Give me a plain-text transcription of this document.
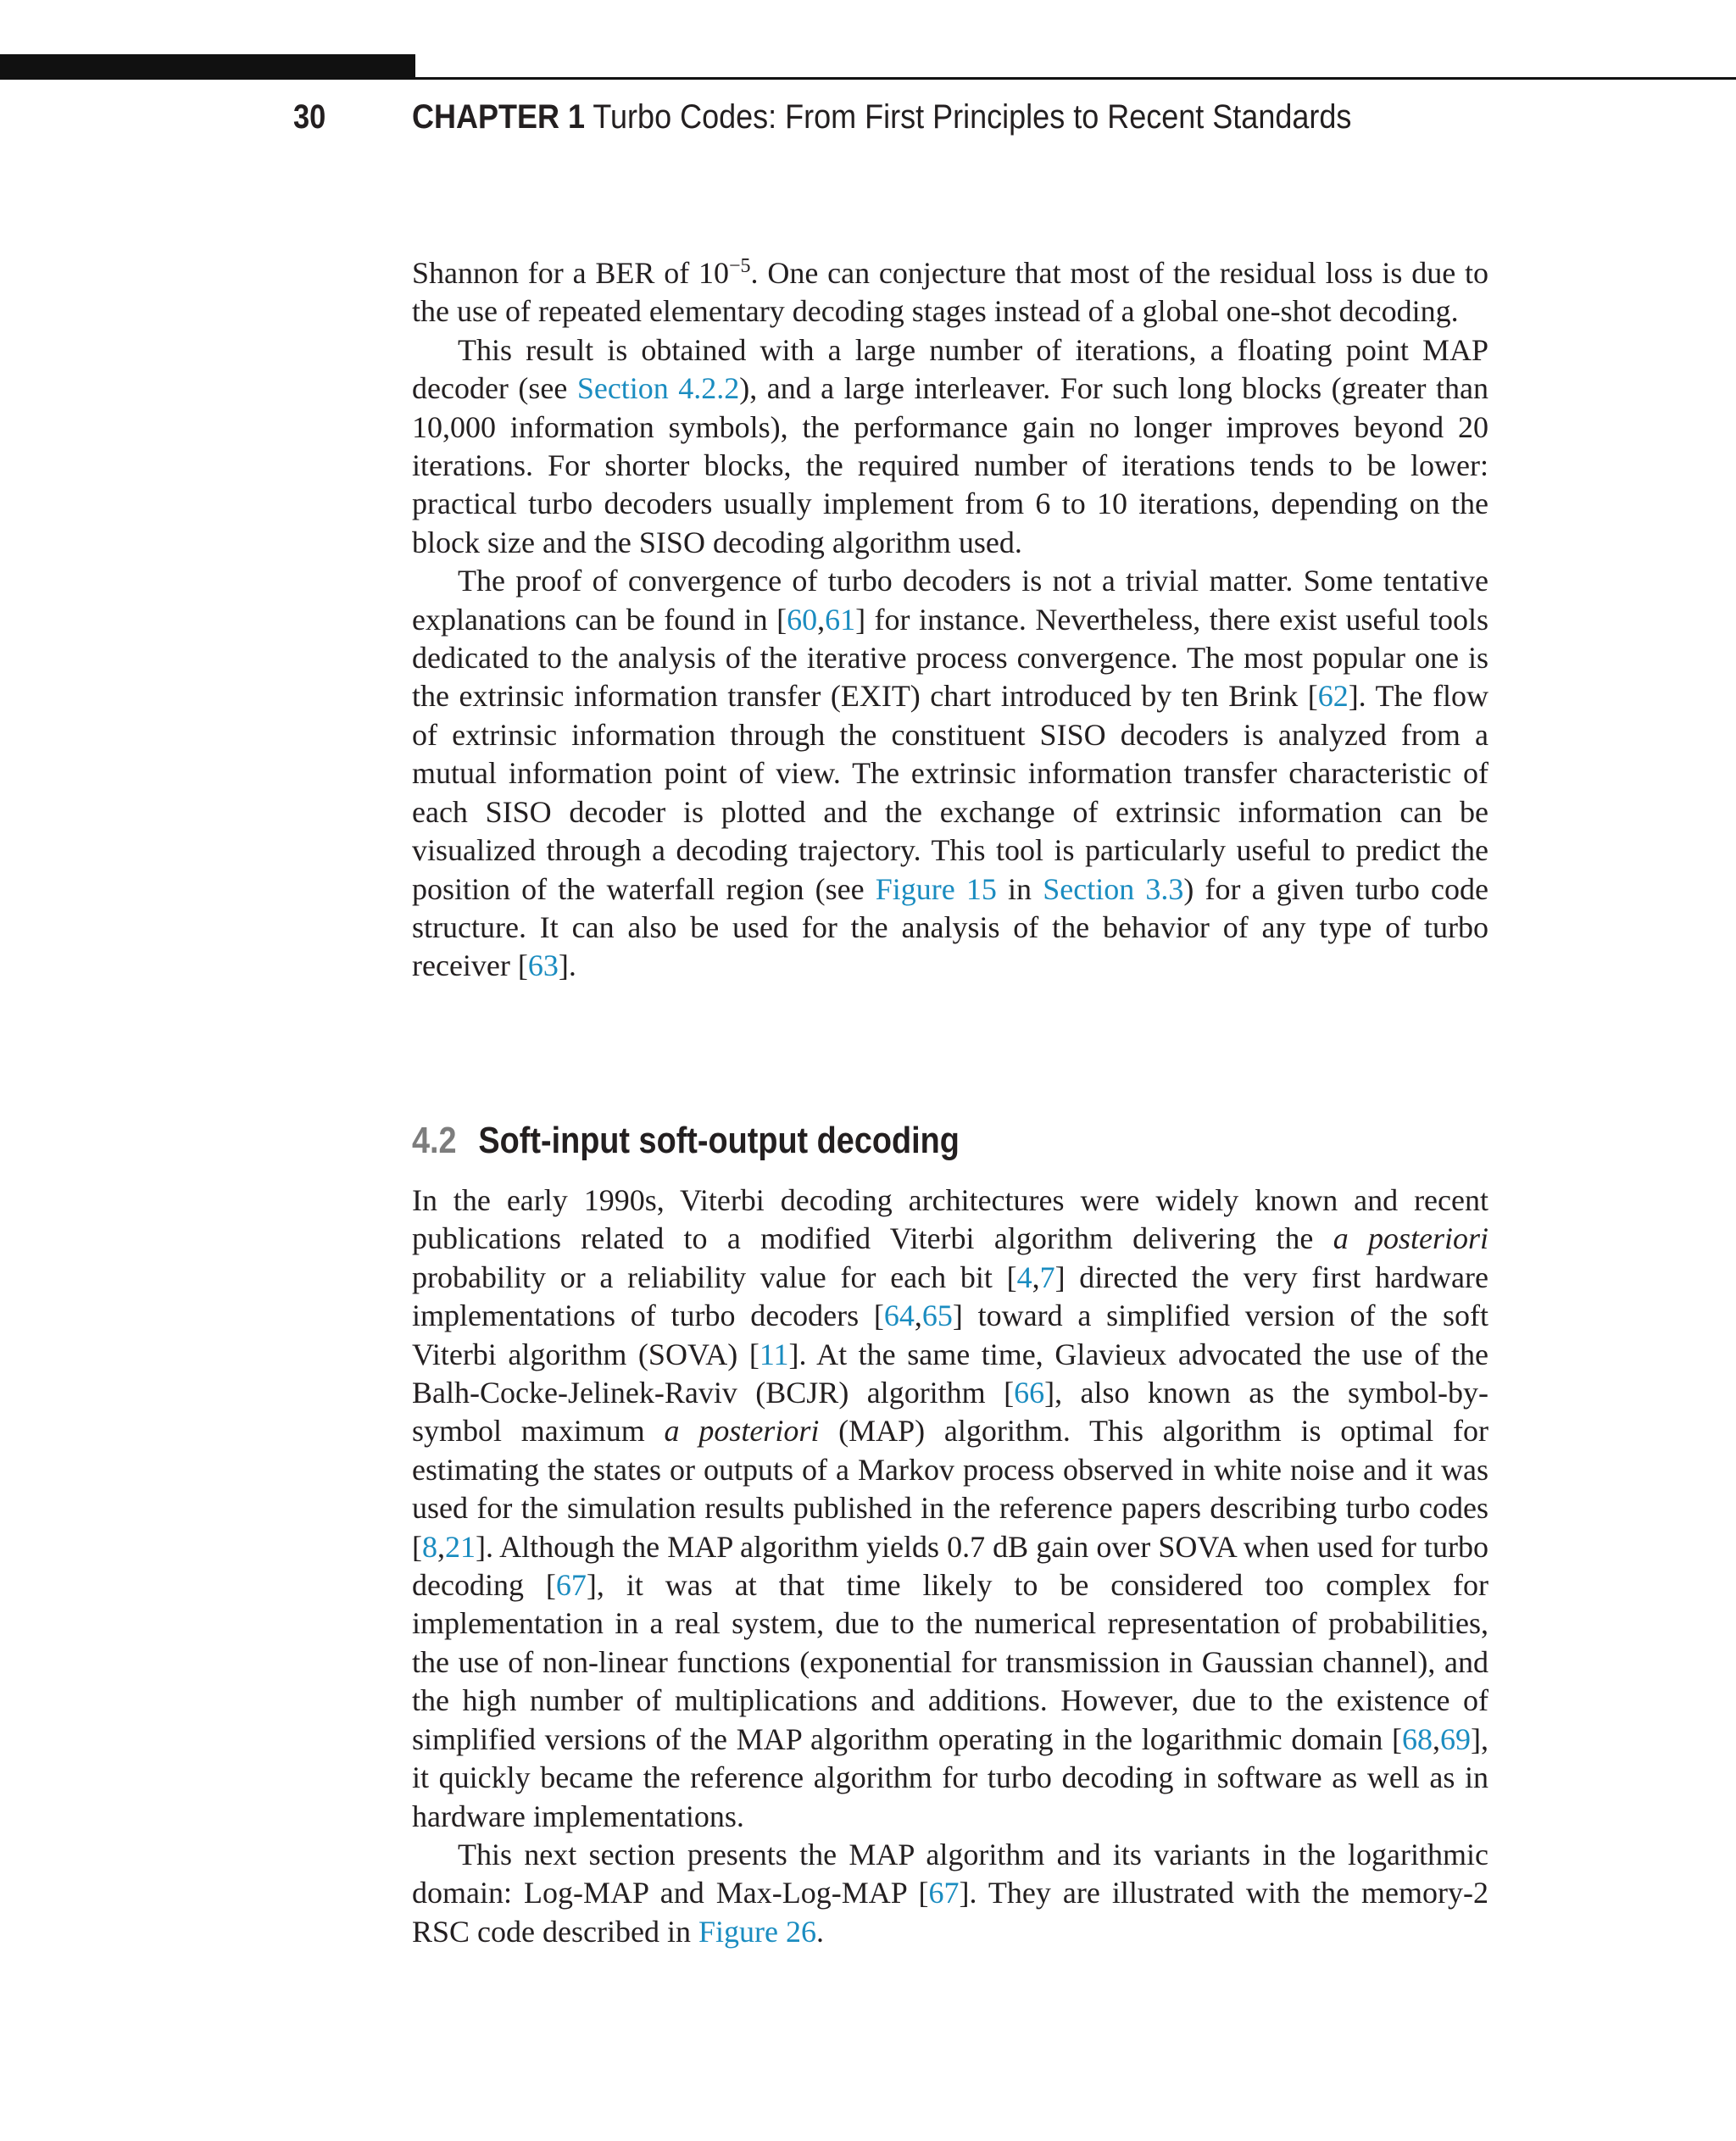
30	CHAPTER 1 Turbo Codes: From First Principles to Recent Standards

Shannon for a BER of $10^{-5}$. One can conjecture that most of the residual loss is due to the use of repeated elementary decoding stages instead of a global one-shot decoding.

This result is obtained with a large number of iterations, a floating point MAP decoder (see Section 4.2.2), and a large interleaver. For such long blocks (greater than 10,000 information symbols), the performance gain no longer improves beyond 20 iterations. For shorter blocks, the required number of iterations tends to be lower: practical turbo decoders usually implement from 6 to 10 iterations, depending on the block size and the SISO decoding algorithm used.

The proof of convergence of turbo decoders is not a trivial matter. Some tentative explanations can be found in [60,61] for instance. Nevertheless, there exist useful tools dedicated to the analysis of the iterative process convergence. The most popular one is the extrinsic information transfer (EXIT) chart introduced by ten Brink [62]. The flow of extrinsic information through the constituent SISO decoders is analyzed from a mutual information point of view. The extrinsic information transfer characteristic of each SISO decoder is plotted and the exchange of extrinsic information can be visualized through a decoding trajectory. This tool is particularly useful to predict the position of the waterfall region (see Figure 15 in Section 3.3) for a given turbo code structure. It can also be used for the analysis of the behavior of any type of turbo receiver [63].

4.2 Soft-input soft-output decoding

In the early 1990s, Viterbi decoding architectures were widely known and recent publications related to a modified Viterbi algorithm delivering the a posteriori probability or a reliability value for each bit [4,7] directed the very first hardware implementations of turbo decoders [64,65] toward a simplified version of the soft Viterbi algorithm (SOVA) [11]. At the same time, Glavieux advocated the use of the Balh-Cocke-Jelinek-Raviv (BCJR) algorithm [66], also known as the symbol-by-symbol maximum a posteriori (MAP) algorithm. This algorithm is optimal for estimating the states or outputs of a Markov process observed in white noise and it was used for the simulation results published in the reference papers describing turbo codes [8,21]. Although the MAP algorithm yields 0.7 dB gain over SOVA when used for turbo decoding [67], it was at that time likely to be considered too complex for implementation in a real system, due to the numerical representation of probabilities, the use of non-linear functions (exponential for transmission in Gaussian channel), and the high number of multiplications and additions. However, due to the existence of simplified versions of the MAP algorithm operating in the logarithmic domain [68,69], it quickly became the reference algorithm for turbo decoding in software as well as in hardware implementations.

This next section presents the MAP algorithm and its variants in the logarithmic domain: Log-MAP and Max-Log-MAP [67]. They are illustrated with the memory-2 RSC code described in Figure 26.
